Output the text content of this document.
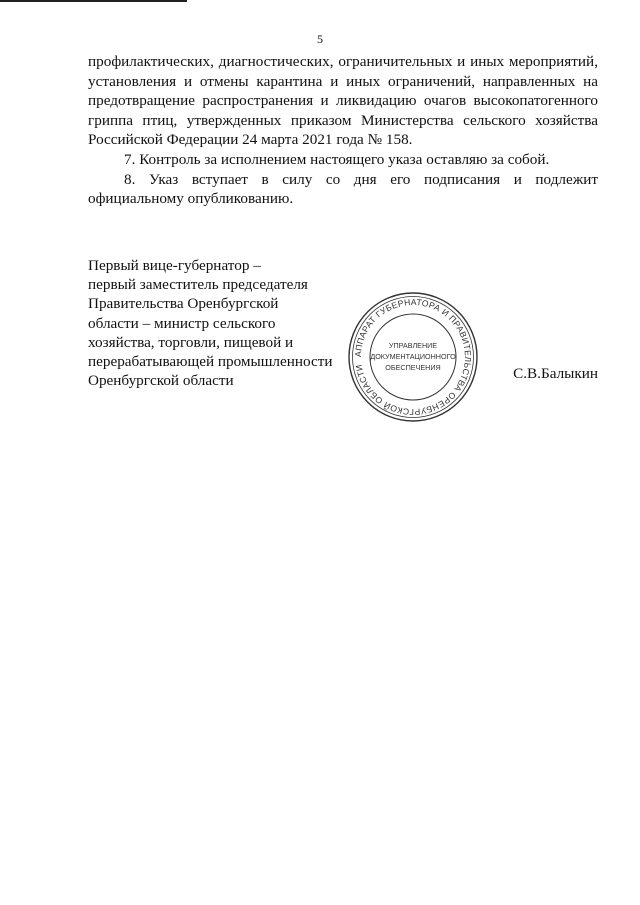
5

профилактических, диагностических, ограничительных и иных мероприятий, установления и отмены карантина и иных ограничений, направленных на предотвращение распространения и ликвидацию очагов высокопатогенного гриппа птиц, утвержденных приказом Министерства сельского хозяйства Российской Федерации 24 марта 2021 года № 158.

7. Контроль за исполнением настоящего указа оставляю за собой.

8. Указ вступает в силу со дня его подписания и подлежит официальному опубликованию.

Первый вице-губернатор –
первый заместитель председателя
Правительства Оренбургской
области – министр сельского
хозяйства, торговли, пищевой и
перерабатывающей промышленности
Оренбургской области
АППАРАТ ГУБЕРНАТОРА И ПРАВИТЕЛЬСТВА ОРЕНБУРГСКОЙ ОБЛАСТИ
УПРАВЛЕНИЕ
ДОКУМЕНТАЦИОННОГО
ОБЕСПЕЧЕНИЯ	С.В.Балыкин
